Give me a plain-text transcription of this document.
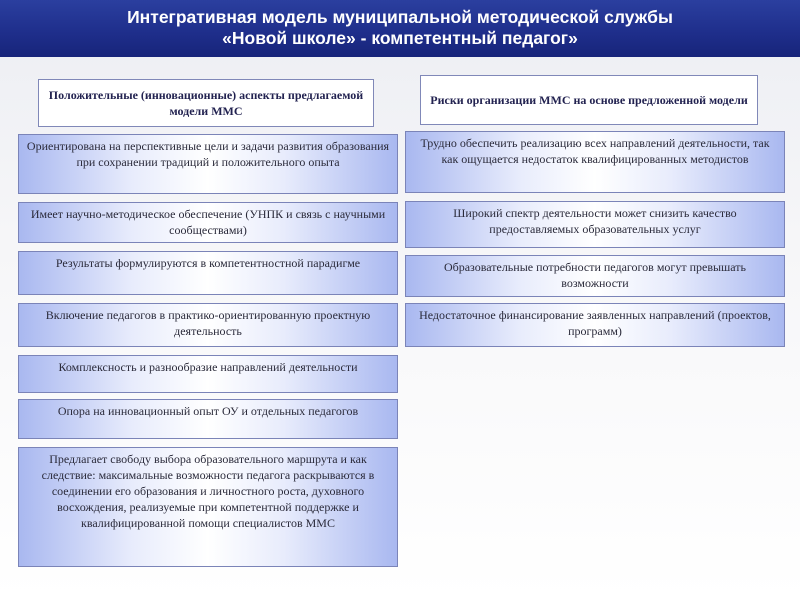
Интегративная модель муниципальной методической службы
«Новой школе» - компетентный педагог»
Положительные (инновационные) аспекты предлагаемой модели ММС
Риски организации ММС на основе предложенной модели
Ориентирована на перспективные цели и задачи развития образования при сохранении традиций и положительного опыта
Имеет научно-методическое обеспечение (УНПК и связь с научными сообществами)
Результаты формулируются в компетентностной парадигме
Включение педагогов в практико-ориентированную проектную деятельность
Комплексность и разнообразие направлений деятельности
Опора на инновационный опыт ОУ и отдельных педагогов
Предлагает свободу выбора образовательного маршрута и как следствие: максимальные возможности педагога раскрываются в соединении его образования и личностного роста, духовного восхождения, реализуемые при компетентной поддержке и квалифицированной помощи специалистов ММС
Трудно обеспечить реализацию всех направлений деятельности, так как ощущается недостаток квалифицированных методистов
Широкий спектр деятельности может снизить качество предоставляемых образовательных услуг
Образовательные потребности педагогов могут превышать возможности
Недостаточное финансирование заявленных направлений (проектов, программ)
